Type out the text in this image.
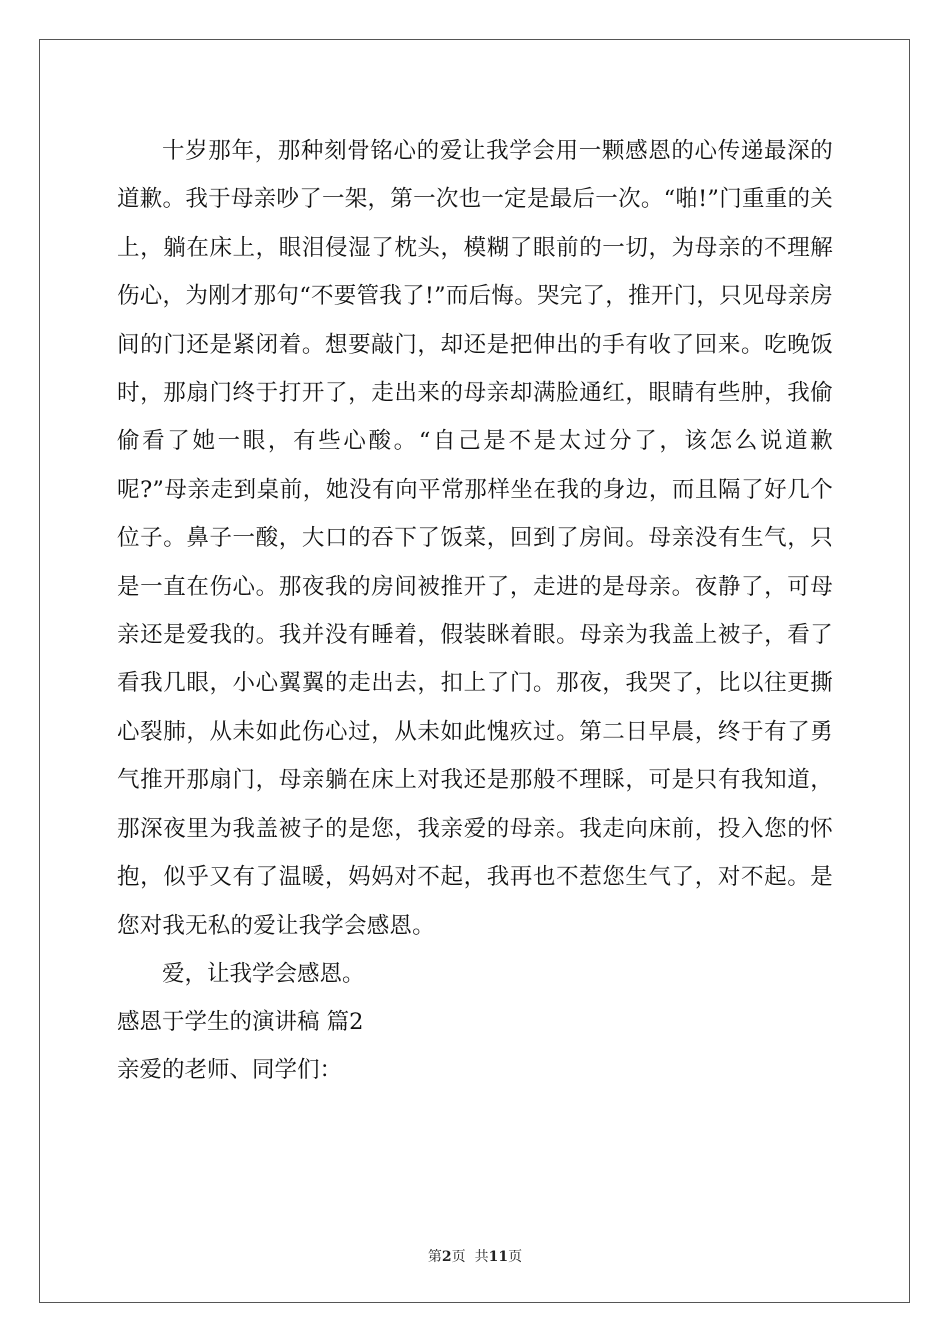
十岁那年，那种刻骨铭心的爱让我学会用一颗感恩的心传递最深的道歉。我于母亲吵了一架，第一次也一定是最后一次。“啪!”门重重的关上，躺在床上，眼泪侵湿了枕头，模糊了眼前的一切，为母亲的不理解伤心，为刚才那句“不要管我了!”而后悔。哭完了，推开门，只见母亲房间的门还是紧闭着。想要敲门，却还是把伸出的手有收了回来。吃晚饭时，那扇门终于打开了，走出来的母亲却满脸通红，眼睛有些肿，我偷偷看了她一眼，有些心酸。“自己是不是太过分了，该怎么说道歉呢?”母亲走到桌前，她没有向平常那样坐在我的身边，而且隔了好几个位子。鼻子一酸，大口的吞下了饭菜，回到了房间。母亲没有生气，只是一直在伤心。那夜我的房间被推开了，走进的是母亲。夜静了，可母亲还是爱我的。我并没有睡着，假装眯着眼。母亲为我盖上被子，看了看我几眼，小心翼翼的走出去，扣上了门。那夜，我哭了，比以往更撕心裂肺，从未如此伤心过，从未如此愧疚过。第二日早晨，终于有了勇气推开那扇门，母亲躺在床上对我还是那般不理睬，可是只有我知道，那深夜里为我盖被子的是您，我亲爱的母亲。我走向床前，投入您的怀抱，似乎又有了温暖，妈妈对不起，我再也不惹您生气了，对不起。是您对我无私的爱让我学会感恩。

爱，让我学会感恩。

感恩于学生的演讲稿 篇2

亲爱的老师、同学们：

第2页  共11页
